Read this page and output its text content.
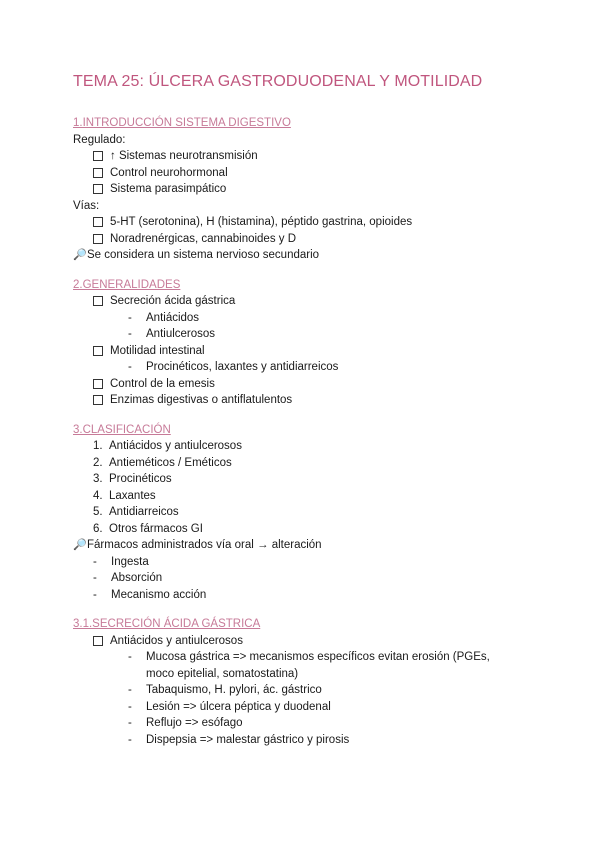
TEMA 25: ÚLCERA GASTRODUODENAL Y MOTILIDAD
1.INTRODUCCIÓN SISTEMA DIGESTIVO
Regulado:
↑ Sistemas neurotransmisión
Control neurohormonal
Sistema parasimpático
Vías:
5-HT (serotonina), H (histamina), péptido gastrina, opioides
Noradrenérgicas, cannabinoides y D
🔎Se considera un sistema nervioso secundario
2.GENERALIDADES
Secreción ácida gástrica
-	Antiácidos
-	Antiulcerosos
Motilidad intestinal
-	Procinéticos, laxantes y antidiarreicos
Control de la emesis
Enzimas digestivas o antiflatulentos
3.CLASIFICACIÓN
1. Antiácidos y antiulcerosos
2. Antieméticos / Eméticos
3. Procinéticos
4. Laxantes
5. Antidiarreicos
6. Otros fármacos GI
🔎Fármacos administrados vía oral → alteración
-	Ingesta
-	Absorción
-	Mecanismo acción
3.1.SECRECIÓN ÁCIDA GÁSTRICA
Antiácidos y antiulcerosos
-	Mucosa gástrica => mecanismos específicos evitan erosión (PGEs, moco epitelial, somatostatina)
-	Tabaquismo, H. pylori, ác. gástrico
-	Lesión => úlcera péptica y duodenal
-	Reflujo => esófago
-	Dispepsia => malestar gástrico y pirosis
